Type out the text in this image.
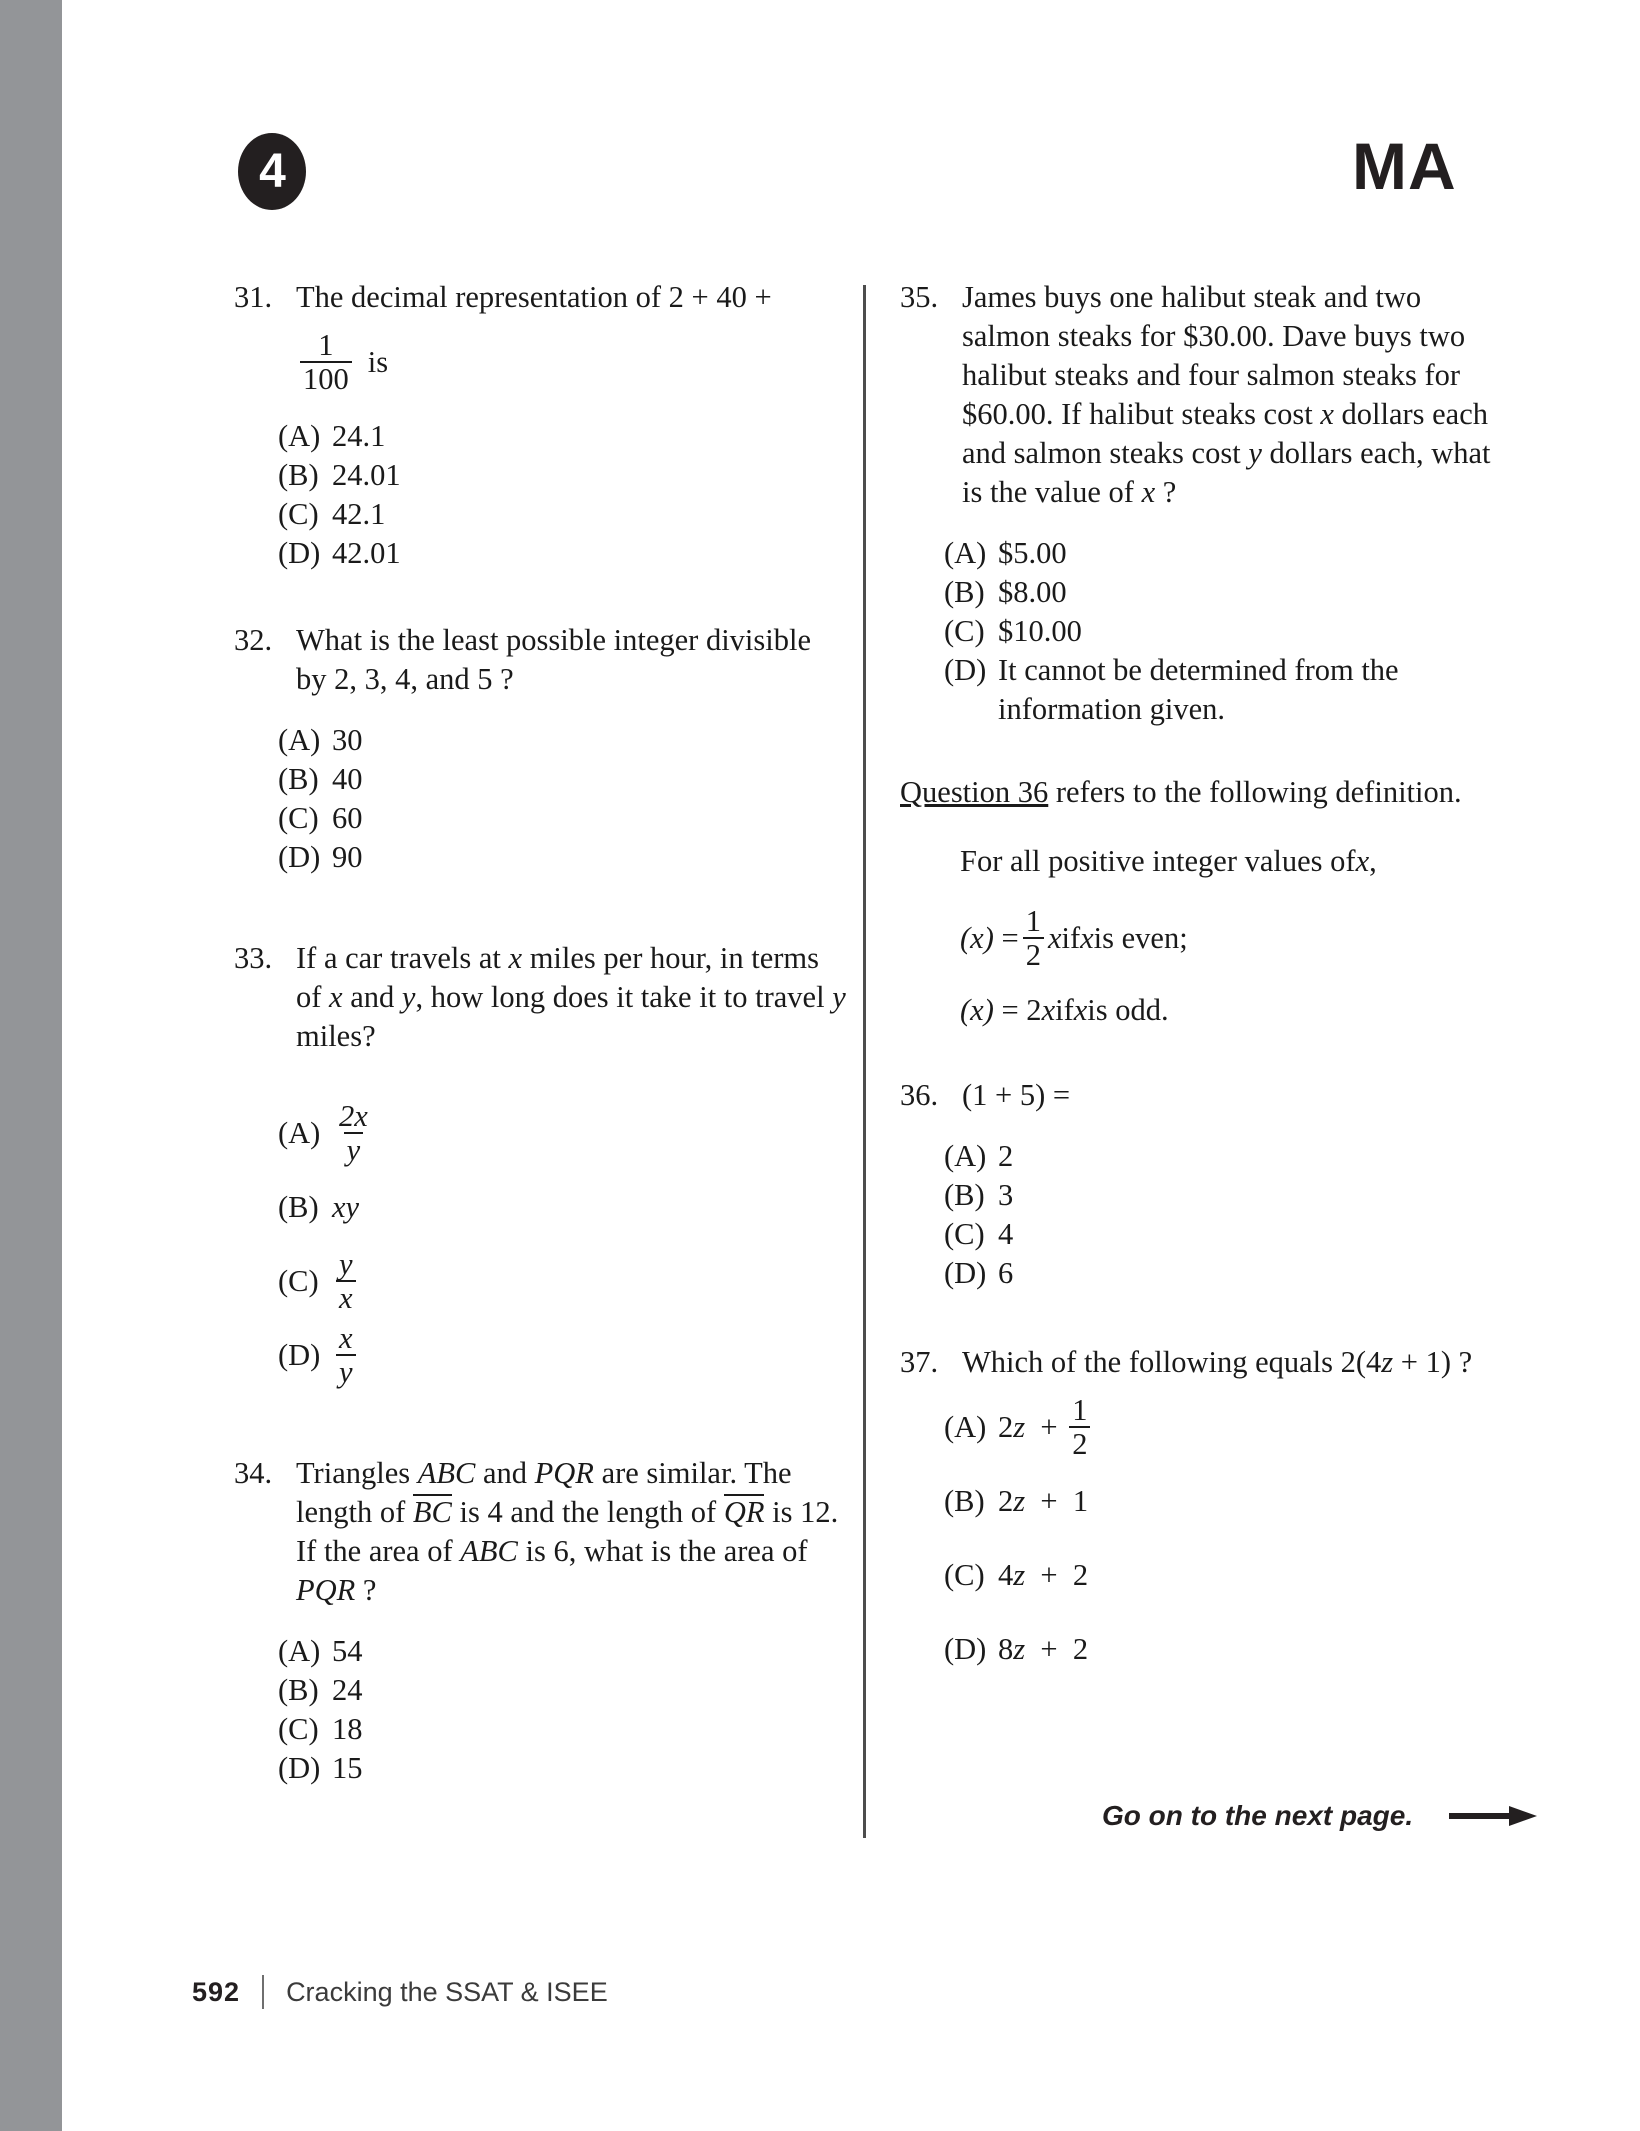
4	MA
31. The decimal representation of 2 + 40 +
$\frac{1}{100}$ is
(A) 24.1
(B) 24.01
(C) 42.1
(D) 42.01
32. What is the least possible integer divisible by 2, 3, 4, and 5 ?
(A) 30
(B) 40
(C) 60
(D) 90
33. If a car travels at x miles per hour, in terms of x and y, how long does it take it to travel y miles?
$(A) \frac{2x}{y}$
(B) xy
$(C) \frac{y}{x}$
$(D) \frac{x}{y}$
34. Triangles ABC and PQR are similar. The length of BC is 4 and the length of QR is 12. If the area of ABC is 6, what is the area of PQR ?
(A) 54
(B) 24
(C) 18
(D) 15
35. James buys one halibut steak and two salmon steaks for $30.00. Dave buys two halibut steaks and four salmon steaks for $60.00. If halibut steaks cost x dollars each and salmon steaks cost y dollars each, what is the value of x ?
(A) $5.00
(B) $8.00
(C) $10.00
(D) It cannot be determined from the information given.
Question 36 refers to the following definition.
For all positive integer values of x ,
$(x) = \frac{1}{2}$ x if x is even;
(x) = 2 x if x is odd.
36. (1 + 5) =
(A) 2
(B) 3
(C) 4
(D) 6
37. Which of the following equals 2(4z + 1) ?
(A) $2z + \frac{1}{2}$
(B) 2 z +  1
(C) 4 z +  2
(D) 8 z +  2
Go on to the next page.
592 Cracking the SSAT & ISEE
